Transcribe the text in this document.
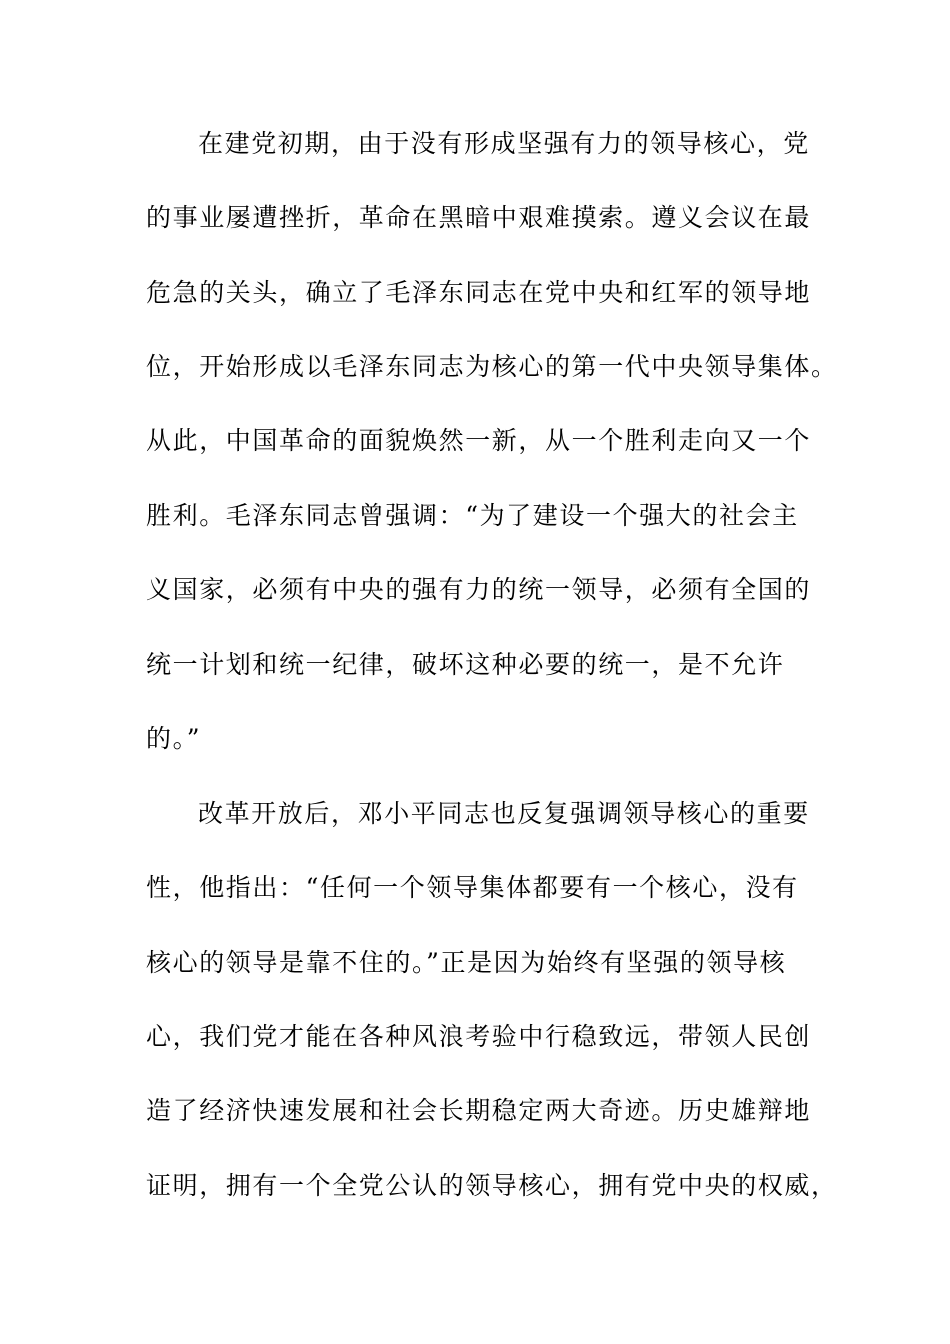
在建党初期，由于没有形成坚强有力的领导核心，党
的事业屡遭挫折，革命在黑暗中艰难摸索。遵义会议在最
危急的关头，确立了毛泽东同志在党中央和红军的领导地
位，开始形成以毛泽东同志为核心的第一代中央领导集体。
从此，中国革命的面貌焕然一新，从一个胜利走向又一个
胜利。毛泽东同志曾强调：“为了建设一个强大的社会主
义国家，必须有中央的强有力的统一领导，必须有全国的
统一计划和统一纪律，破坏这种必要的统一，是不允许
的。”
改革开放后，邓小平同志也反复强调领导核心的重要
性，他指出：“任何一个领导集体都要有一个核心，没有
核心的领导是靠不住的。”正是因为始终有坚强的领导核
心，我们党才能在各种风浪考验中行稳致远，带领人民创
造了经济快速发展和社会长期稳定两大奇迹。历史雄辩地
证明，拥有一个全党公认的领导核心，拥有党中央的权威，
